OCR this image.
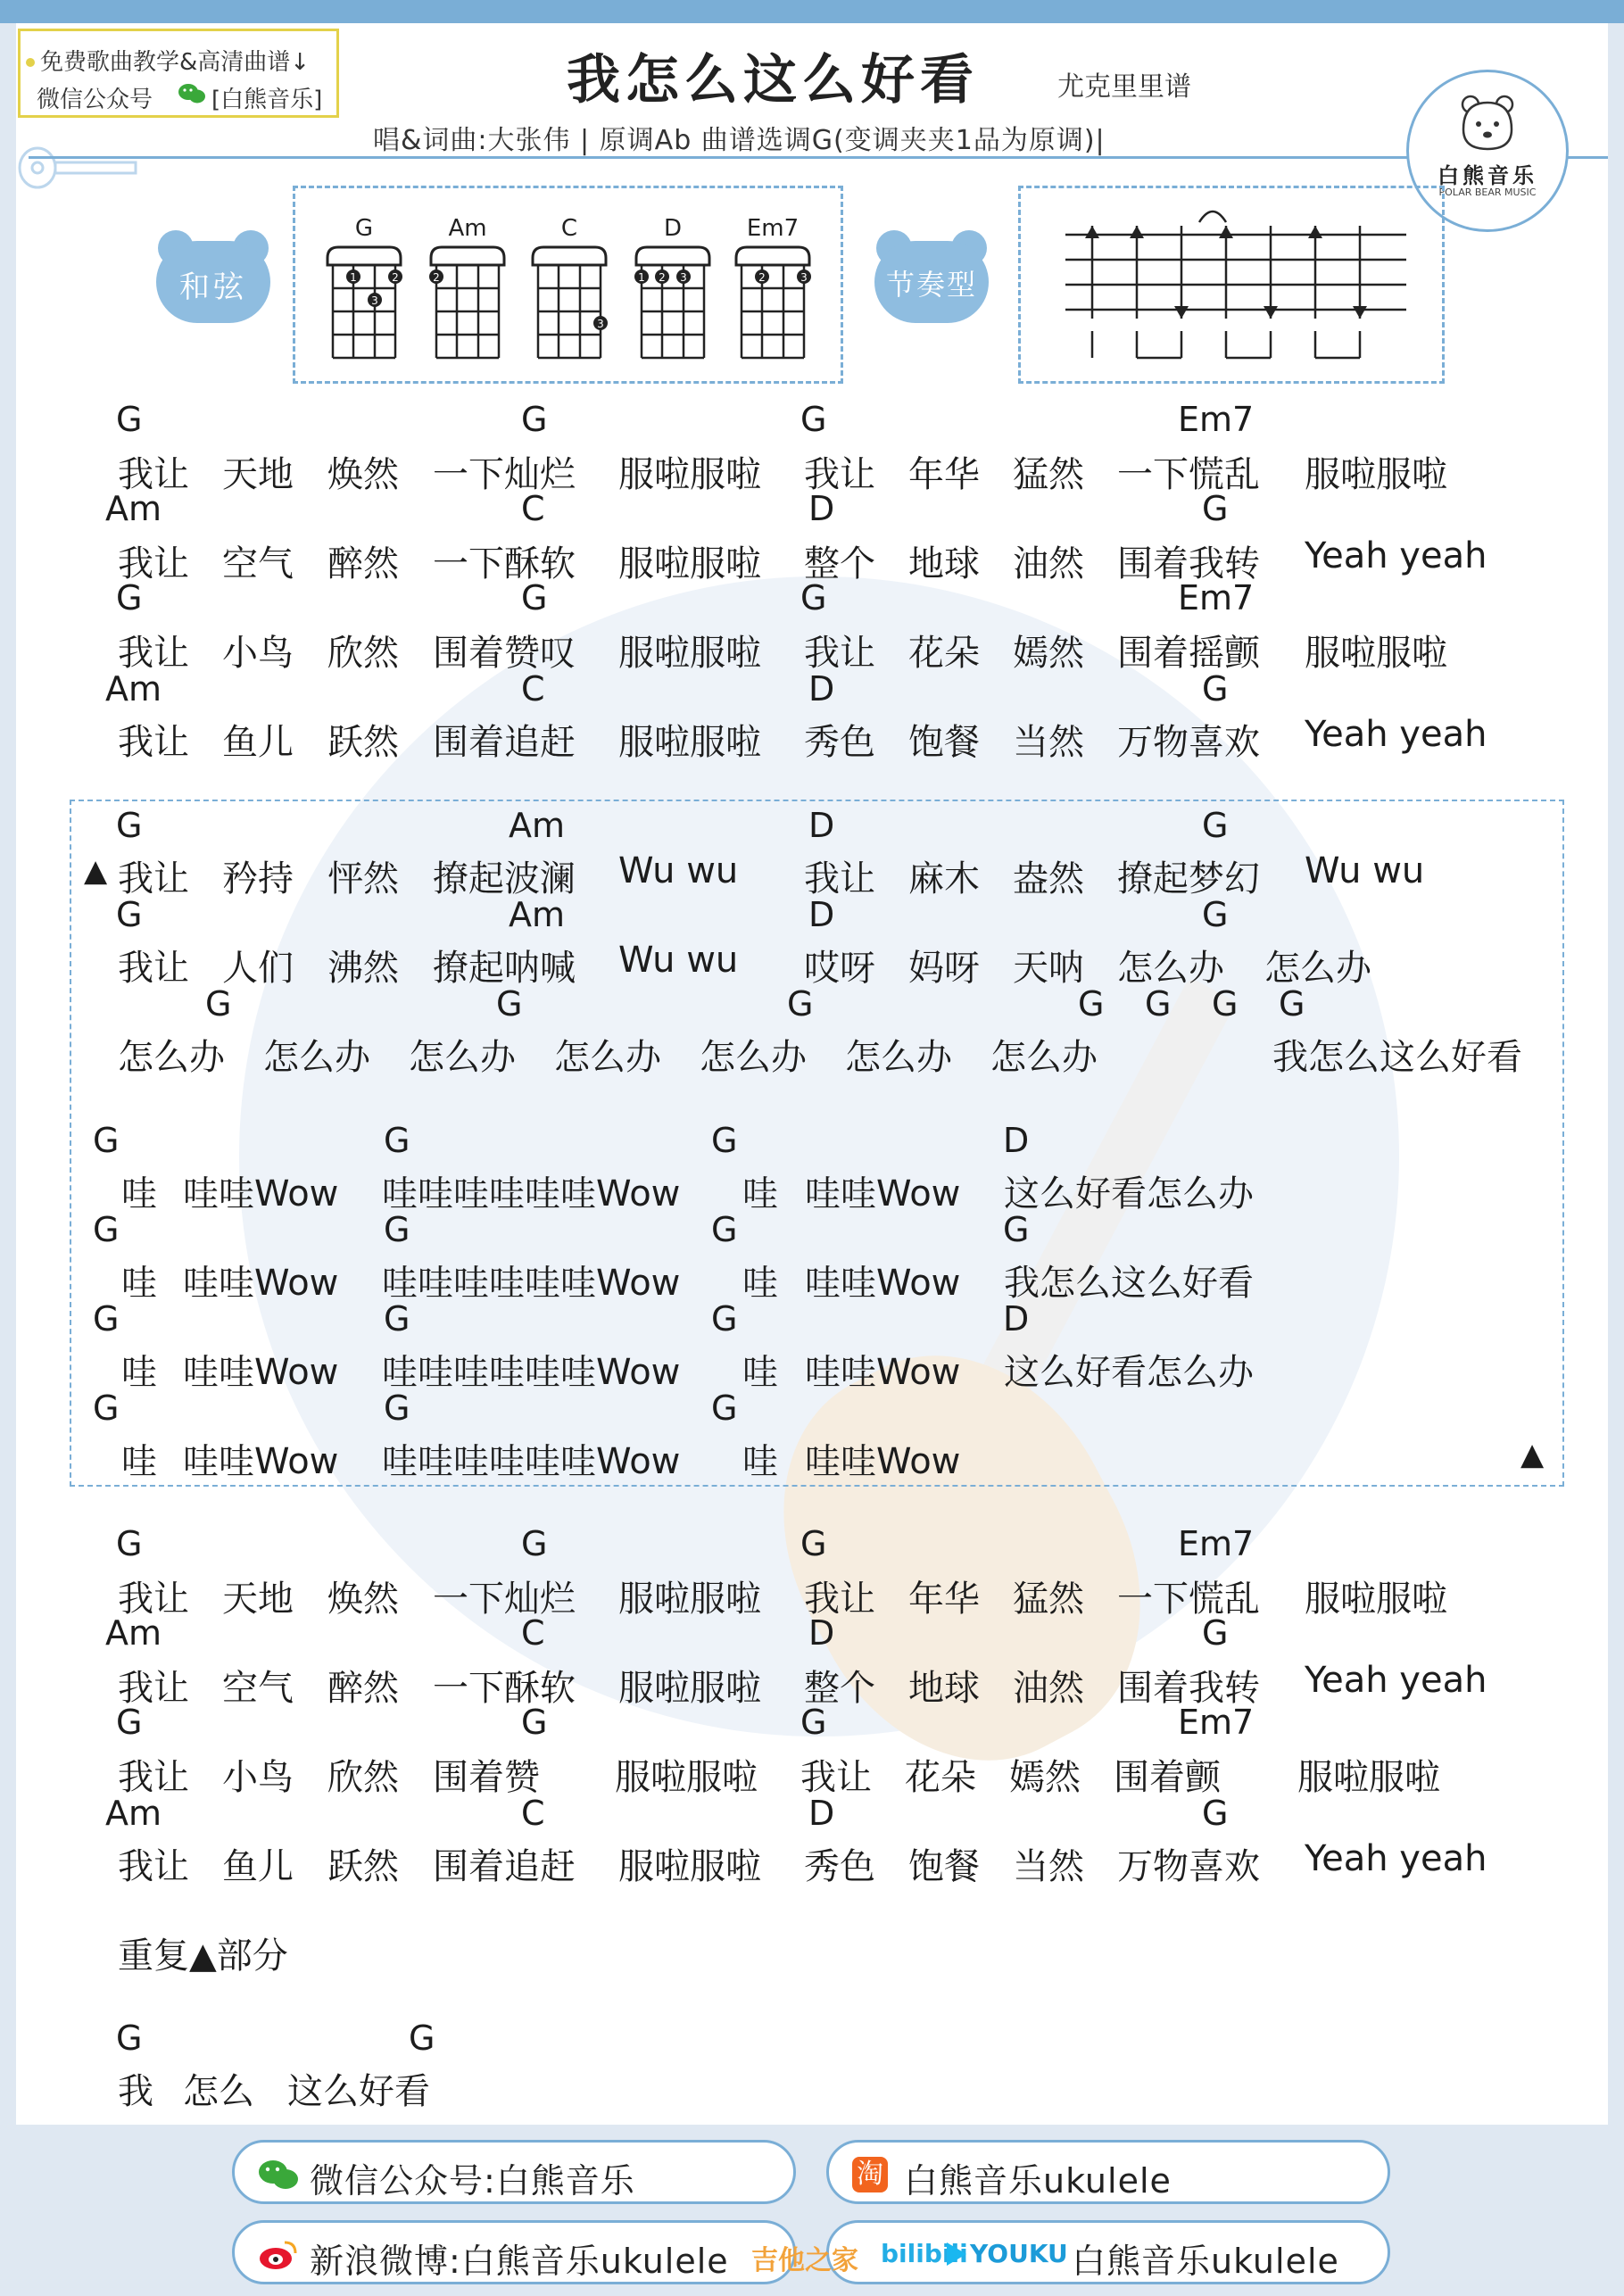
免费歌曲教学&高清曲谱↓
微信公众号	[白熊音乐]	我怎么这么好看	尤克里里谱
唱&词曲:大张伟 | 原调Ab 曲谱选调G(变调夹夹1品为原调)|
白熊音乐
POLAR BEAR MUSIC
和弦
G
1	2
3
Am
2
C
3
D
1 2 3
Em7
2	3	节奏型
G	G	G	Em7
我让 天地 焕然 一下灿烂 服啦服啦 我让 年华 猛然 一下慌乱 服啦服啦
Am	C	D	G
我让 空气 醉然 一下酥软 服啦服啦 整个 地球 油然 围着我转 Yeah yeah
G	G	G	Em7
我让 小鸟 欣然 围着赞叹 服啦服啦 我让 花朵 嫣然 围着摇颤 服啦服啦
Am	C	D	G
我让 鱼儿 跃然 围着追赶 服啦服啦 秀色 饱餐 当然 万物喜欢 Yeah yeah
G	Am	D	G
▲ 我让 矜持 怦然 撩起波澜 Wu wu 我让 麻木 盎然 撩起梦幻 Wu wu
G	Am	D	G
我让 人们 沸然 撩起呐喊 Wu wu 哎呀 妈呀 天呐 怎么办 怎么办
G	G	G	G G G G
怎么办 怎么办 怎么办 怎么办 怎么办 怎么办 怎么办	我怎么这么好看
G	G	G	D
哇 哇哇Wow 哇哇哇哇哇哇Wow 哇 哇哇Wow 这么好看怎么办
G	G	G	G
哇 哇哇Wow 哇哇哇哇哇哇Wow 哇 哇哇Wow 我怎么这么好看
G	G	G	D
哇 哇哇Wow 哇哇哇哇哇哇Wow 哇 哇哇Wow 这么好看怎么办
G	G	G
哇 哇哇Wow 哇哇哇哇哇哇Wow 哇 哇哇Wow	▲
G	G	G	Em7
我让 天地 焕然 一下灿烂 服啦服啦 我让 年华 猛然 一下慌乱 服啦服啦
Am	C	D	G
我让 空气 醉然 一下酥软 服啦服啦 整个 地球 油然 围着我转 Yeah yeah
G	G	G	Em7
我让 小鸟 欣然 围着赞 服啦服啦 我让 花朵 嫣然 围着颤 服啦服啦
Am	C	D	G
我让 鱼儿 跃然 围着追赶 服啦服啦 秀色 饱餐 当然 万物喜欢 Yeah yeah
重复▲部分
G	G
我 怎么 这么好看
微信公众号:白熊音乐	淘 白熊音乐ukulele
新浪微博:白熊音乐ukulele	bilibili YOUKU 白熊音乐ukulele
吉他之家
